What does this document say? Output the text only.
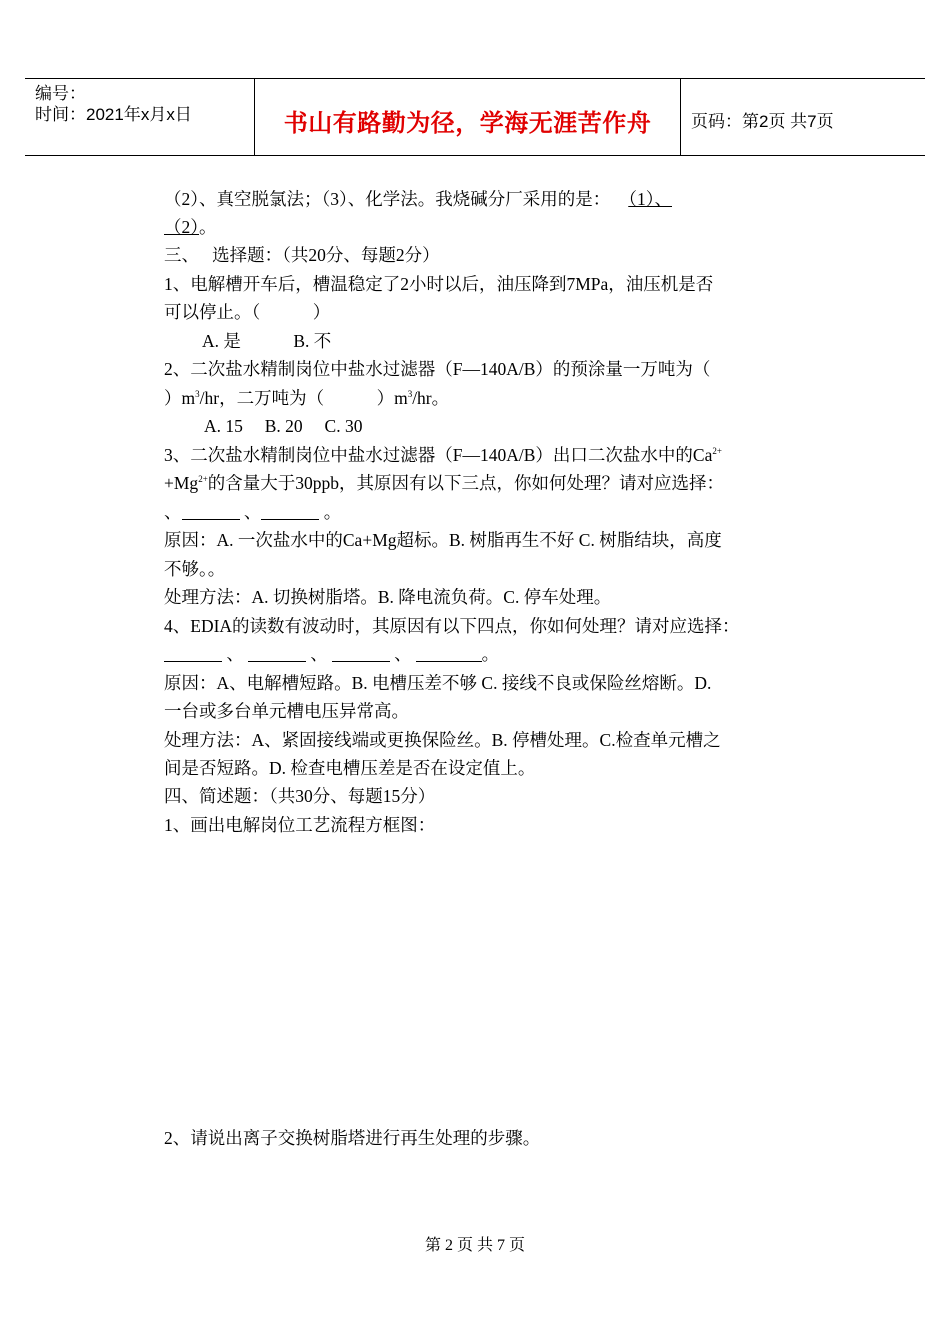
编号：
时间：2021年x月x日	书山有路勤为径，学海无涯苦作舟	页码：第2页 共7页
（2）、真空脱氯法；（3）、化学法。我烧碱分厂采用的是： （1）、
（2）。
三、　 选择题：（共20分、每题2分）
1、电解槽开车后，槽温稳定了2小时以后，油压降到7MPa，油压机是否
可以停止。（　　　）
A. 是　　　B. 不
2、二次盐水精制岗位中盐水过滤器（F—140A/B）的预涂量一万吨为（
）$m^3/hr$，二万吨为（　　　）$m^3/hr$。
A. 15　 B. 20　 C. 30
3、二次盐水精制岗位中盐水过滤器（F—140A/B）出口二次盐水中的$Ca^{2+}$
$+Mg^{2+}$的含量大于30ppb，其原因有以下三点，你如何处理？请对应选择：
、	、	。
原因：A. 一次盐水中的Ca+Mg超标。B. 树脂再生不好 C. 树脂结块，高度
不够。。
处理方法：A. 切换树脂塔。B. 降电流负荷。C. 停车处理。
4、EDIA的读数有波动时，其原因有以下四点，你如何处理？请对应选择：
、	、	、	。
原因：A、电解槽短路。B. 电槽压差不够 C. 接线不良或保险丝熔断。D.
一台或多台单元槽电压异常高。
处理方法：A、紧固接线端或更换保险丝。B. 停槽处理。C.检查单元槽之
间是否短路。D. 检查电槽压差是否在设定值上。
四、简述题：（共30分、每题15分）
1、画出电解岗位工艺流程方框图：
2、请说出离子交换树脂塔进行再生处理的步骤。
第 2 页 共 7 页
